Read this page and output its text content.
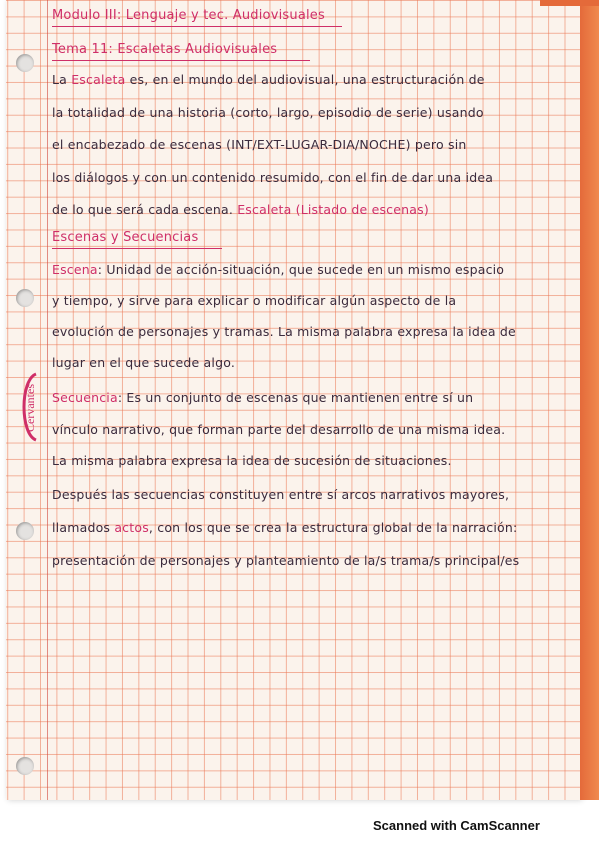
Cervantes
Modulo III: Lenguaje y tec. Audiovisuales
Tema 11: Escaletas Audiovisuales
La Escaleta es, en el mundo del audiovisual, una estructuración de
la totalidad de una historia (corto, largo, episodio de serie) usando
el encabezado de escenas (INT/EXT-LUGAR-DIA/NOCHE) pero sin
los diálogos y con un contenido resumido, con el fin de dar una idea
de lo que será cada escena. Escaleta (Listado de escenas)
Escenas y Secuencias
Escena: Unidad de acción-situación, que sucede en un mismo espacio
y tiempo, y sirve para explicar o modificar algún aspecto de la
evolución de personajes y tramas. La misma palabra expresa la idea de
lugar en el que sucede algo.
Secuencia: Es un conjunto de escenas que mantienen entre sí un
vínculo narrativo, que forman parte del desarrollo de una misma idea.
La misma palabra expresa la idea de sucesión de situaciones.
Después las secuencias constituyen entre sí arcos narrativos mayores,
llamados actos, con los que se crea la estructura global de la narración:
presentación de personajes y planteamiento de la/s trama/s principal/es
Scanned with CamScanner
